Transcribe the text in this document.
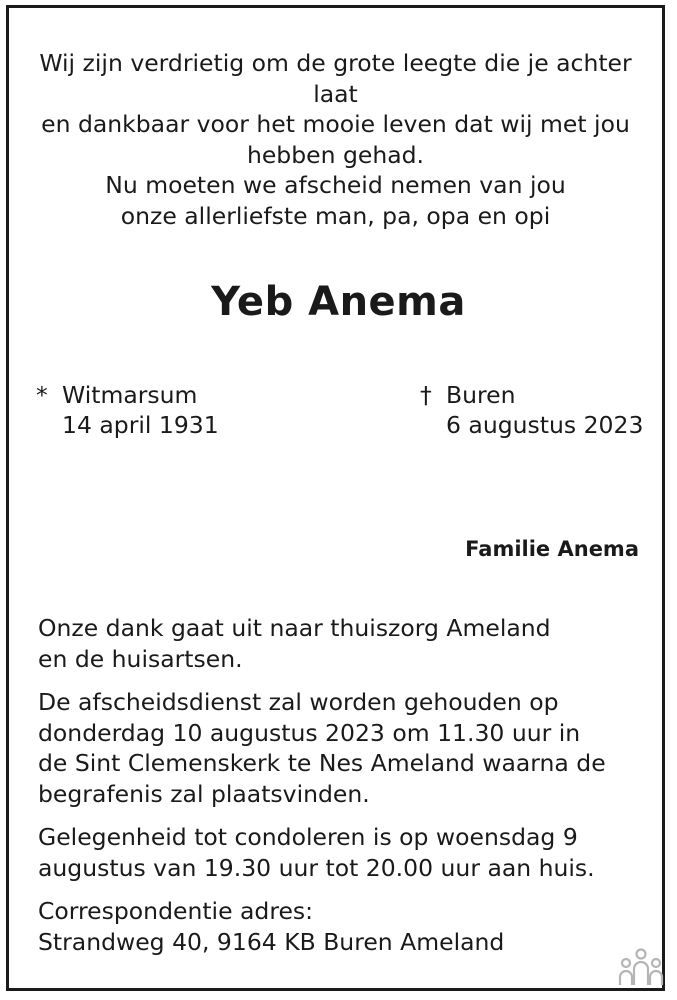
Wij zijn verdrietig om de grote leegte die je achter
laat
en dankbaar voor het mooie leven dat wij met jou
hebben gehad.
Nu moeten we afscheid nemen van jou
onze allerliefste man, pa, opa en opi
Yeb Anema
* Witmarsum
14 april 1931
† Buren
6 augustus 2023
Familie Anema
Onze dank gaat uit naar thuiszorg Ameland
en de huisartsen.
De afscheidsdienst zal worden gehouden op
donderdag 10 augustus 2023 om 11.30 uur in
de Sint Clemenskerk te Nes Ameland waarna de
begrafenis zal plaatsvinden.
Gelegenheid tot condoleren is op woensdag 9
augustus van 19.30 uur tot 20.00 uur aan huis.
Correspondentie adres:
Strandweg 40, 9164 KB Buren Ameland
